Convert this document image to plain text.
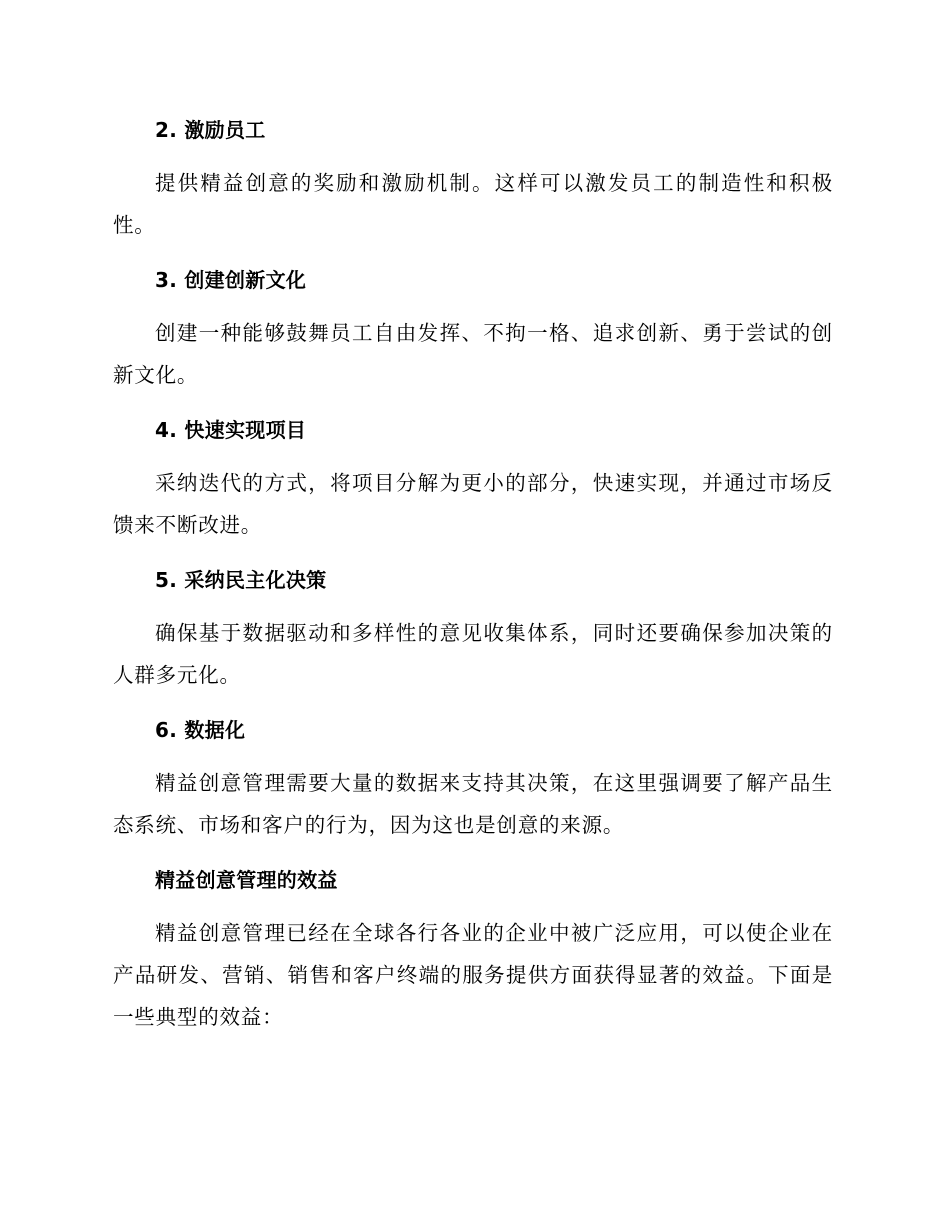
2. 激励员工
提供精益创意的奖励和激励机制。这样可以激发员工的制造性和积极性。
3. 创建创新文化
创建一种能够鼓舞员工自由发挥、不拘一格、追求创新、勇于尝试的创新文化。
4. 快速实现项目
采纳迭代的方式，将项目分解为更小的部分，快速实现，并通过市场反馈来不断改进。
5. 采纳民主化决策
确保基于数据驱动和多样性的意见收集体系，同时还要确保参加决策的人群多元化。
6. 数据化
精益创意管理需要大量的数据来支持其决策，在这里强调要了解产品生态系统、市场和客户的行为，因为这也是创意的来源。
精益创意管理的效益
精益创意管理已经在全球各行各业的企业中被广泛应用，可以使企业在产品研发、营销、销售和客户终端的服务提供方面获得显著的效益。下面是一些典型的效益：
